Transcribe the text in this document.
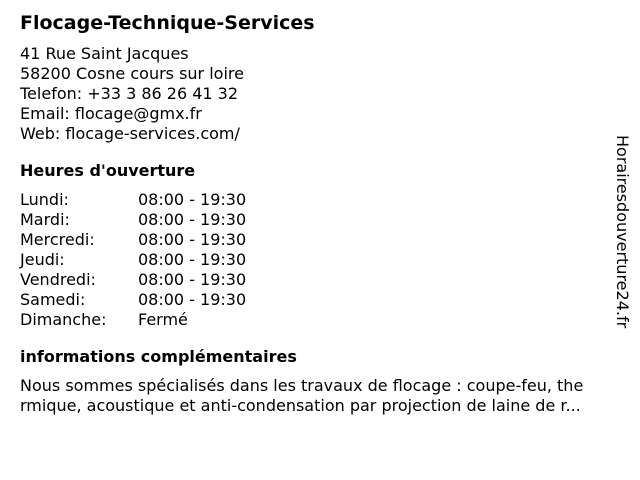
Flocage-Technique-Services
41 Rue Saint Jacques
58200 Cosne cours sur loire
Telefon: +33 3 86 26 41 32
Email: flocage@gmx.fr
Web: flocage-services.com/
Heures d'ouverture
Lundi:	08:00 - 19:30
Mardi:	08:00 - 19:30
Mercredi:	08:00 - 19:30
Jeudi:	08:00 - 19:30
Vendredi:	08:00 - 19:30
Samedi:	08:00 - 19:30
Dimanche:	Fermé
informations complémentaires
Nous sommes spécialisés dans les travaux de flocage : coupe-feu, the
rmique, acoustique et anti-condensation par projection de laine de r...
Horairesdouverture24.fr
